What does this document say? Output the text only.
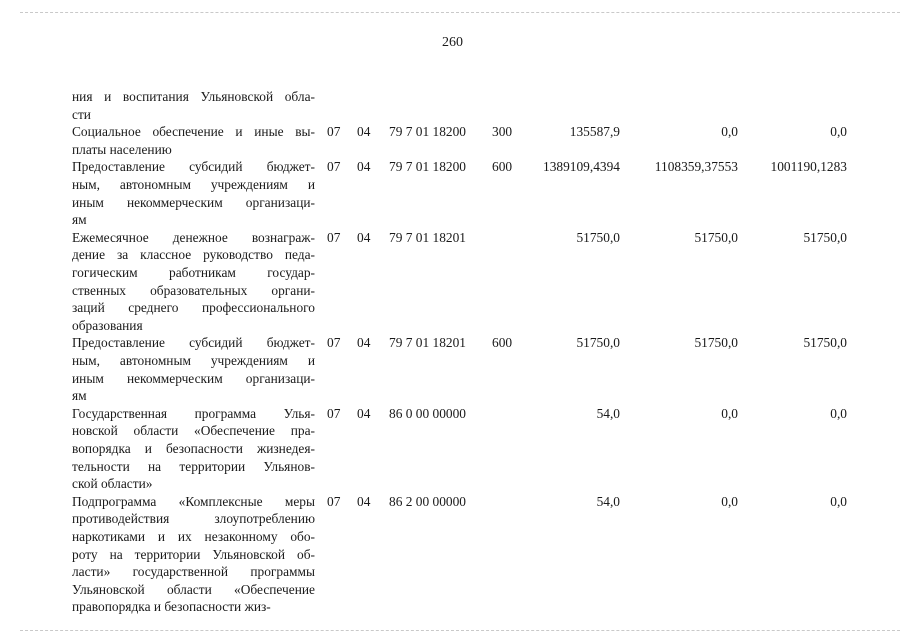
260
ния и воспитания Ульяновской обла-
сти
Социальное обеспечение и иные вы-
платы населению
07 04 79 7 01 18200 300	135587,9	0,0	0,0
Предоставление субсидий бюджет-
ным, автономным учреждениям и
иным некоммерческим организаци-
ям
07 04 79 7 01 18200 600	1389109,4394	1108359,37553	1001190,1283
Ежемесячное денежное вознаграж-
дение за классное руководство педа-
гогическим работникам государ-
ственных образовательных органи-
заций среднего профессионального
образования
07 04 79 7 01 18201	51750,0	51750,0	51750,0
Предоставление субсидий бюджет-
ным, автономным учреждениям и
иным некоммерческим организаци-
ям
07 04 79 7 01 18201 600	51750,0	51750,0	51750,0
Государственная программа Улья-
новской области «Обеспечение пра-
вопорядка и безопасности жизнедея-
тельности на территории Ульянов-
ской области»
07 04 86 0 00 00000	54,0	0,0	0,0
Подпрограмма «Комплексные меры
противодействия злоупотреблению
наркотиками и их незаконному обо-
роту на территории Ульяновской об-
ласти» государственной программы
Ульяновской области «Обеспечение
правопорядка и безопасности жиз-
07 04 86 2 00 00000	54,0	0,0	0,0
